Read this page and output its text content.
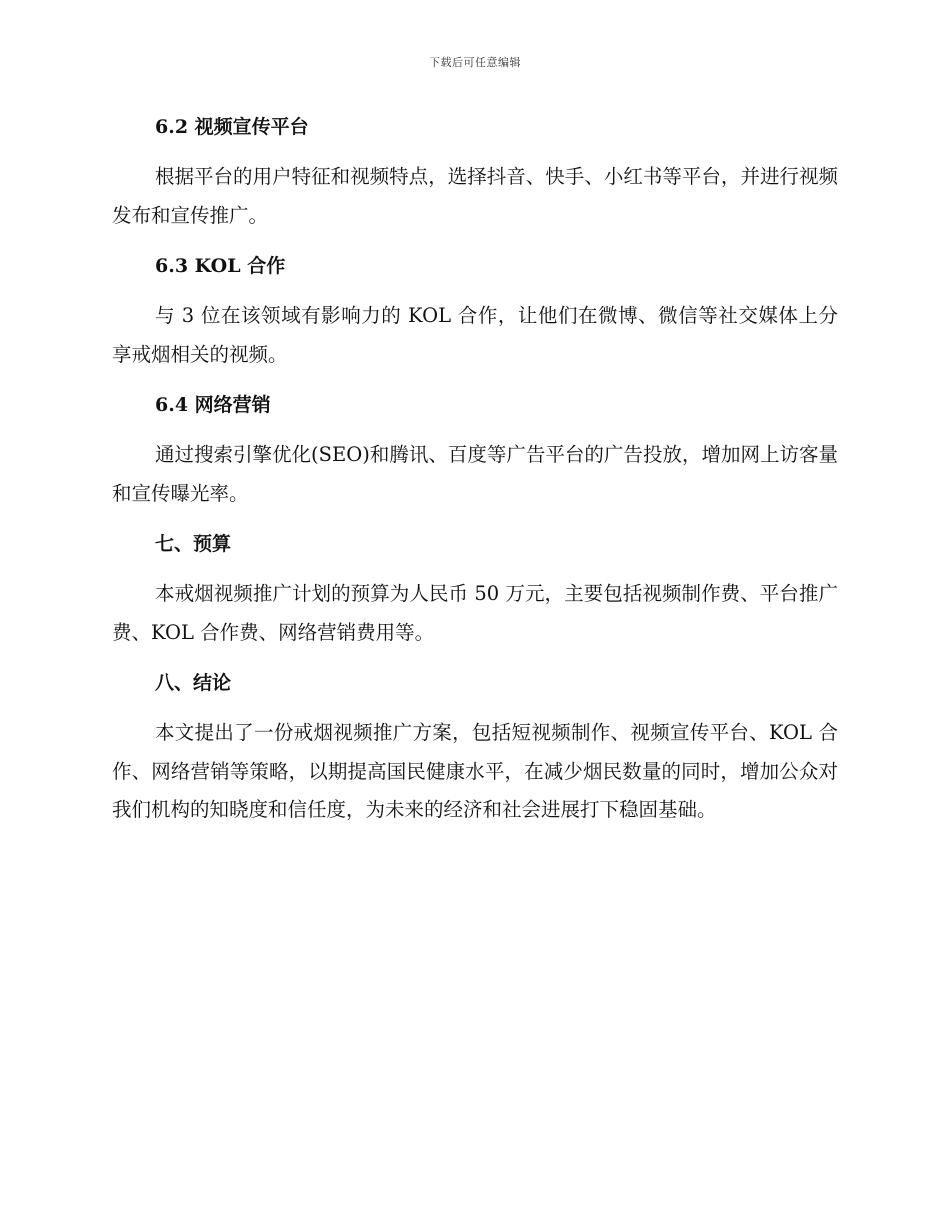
下载后可任意编辑
6.2 视频宣传平台

根据平台的用户特征和视频特点，选择抖音、快手、小红书等平台，并进行视频发布和宣传推广。

6.3 KOL 合作

与 3 位在该领域有影响力的 KOL 合作，让他们在微博、微信等社交媒体上分享戒烟相关的视频。

6.4 网络营销

通过搜索引擎优化(SEO)和腾讯、百度等广告平台的广告投放，增加网上访客量和宣传曝光率。

七、预算

本戒烟视频推广计划的预算为人民币 50 万元，主要包括视频制作费、平台推广费、KOL 合作费、网络营销费用等。

八、结论

本文提出了一份戒烟视频推广方案，包括短视频制作、视频宣传平台、KOL 合作、网络营销等策略，以期提高国民健康水平，在减少烟民数量的同时，增加公众对我们机构的知晓度和信任度，为未来的经济和社会进展打下稳固基础。
